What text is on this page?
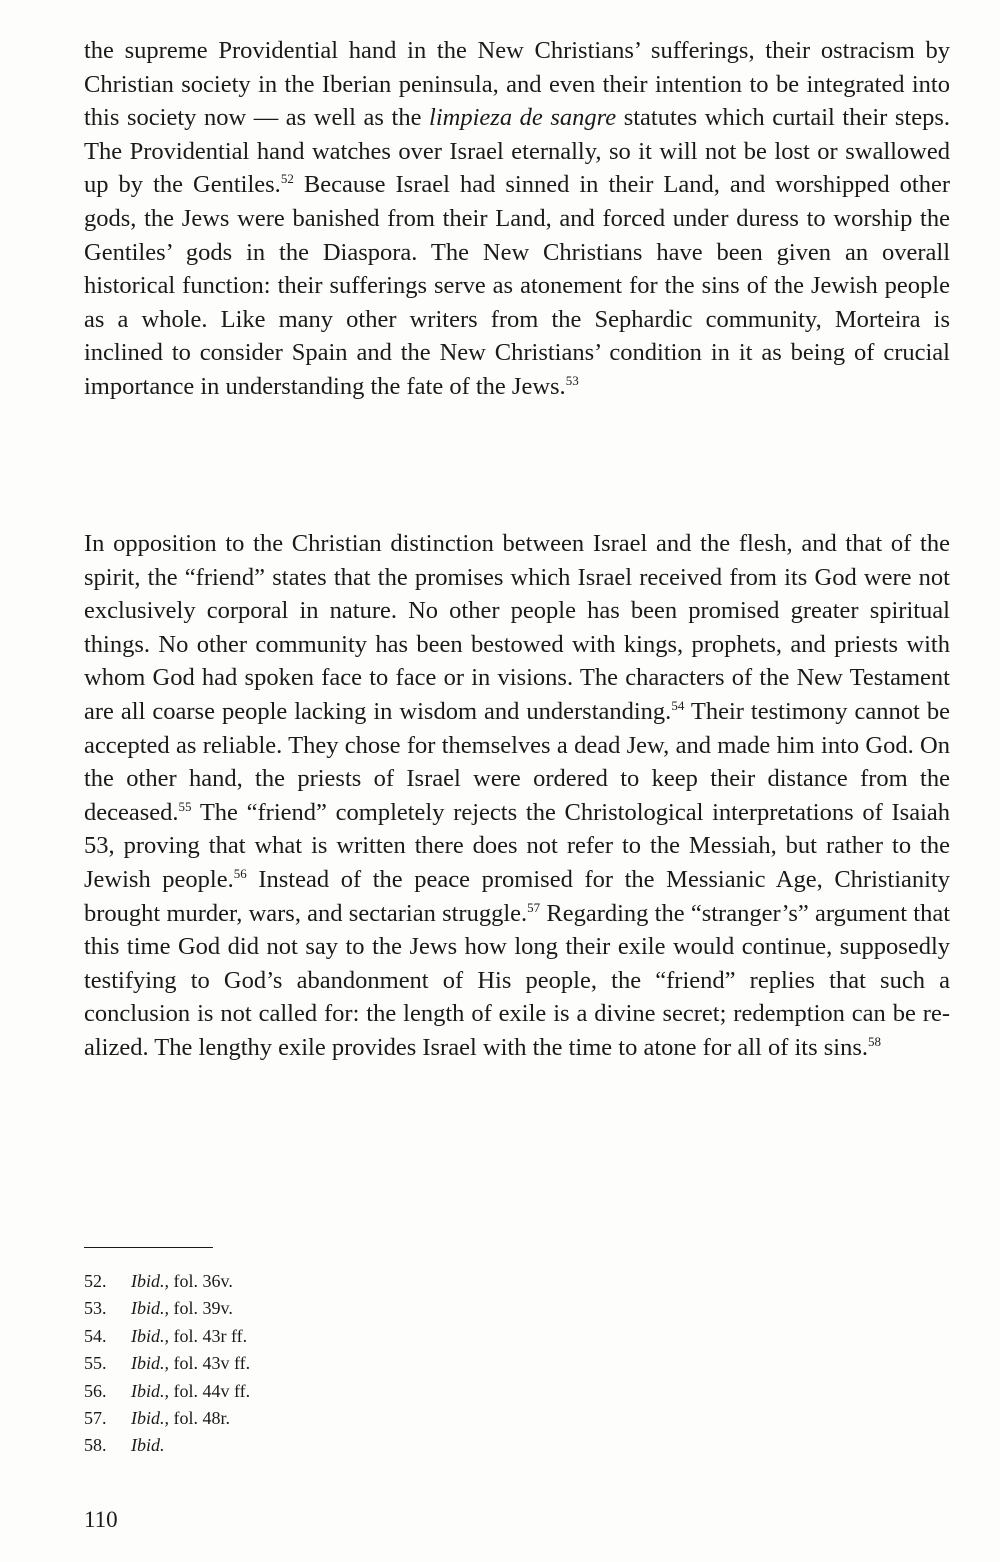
the supreme Providential hand in the New Christians’ sufferings, their ostracism by Christian society in the Iberian peninsula, and even their intention to be integrated into this society now — as well as the limpieza de sangre statutes which curtail their steps. The Providential hand watches over Israel eternally, so it will not be lost or swallowed up by the Gentiles.$^{52}$ Because Israel had sinned in their Land, and worshipped other gods, the Jews were banished from their Land, and forced under duress to worship the Gentiles’ gods in the Diaspora. The New Christians have been given an overall historical function: their sufferings serve as atonement for the sins of the Jewish people as a whole. Like many other writers from the Sephardic community, Morteira is inclined to consider Spain and the New Christians’ condition in it as being of crucial importance in understanding the fate of the Jews.$^{53}$

In opposition to the Christian distinction between Israel and the flesh, and that of the spirit, the “friend” states that the promises which Israel received from its God were not exclusively corporal in nature. No other people has been promised greater spiritual things. No other community has been bestowed with kings, prophets, and priests with whom God had spoken face to face or in visions. The characters of the New Testament are all coarse people lacking in wisdom and understanding.$^{54}$ Their testimony cannot be accepted as reliable. They chose for themselves a dead Jew, and made him into God. On the other hand, the priests of Israel were ordered to keep their distance from the deceased.$^{55}$ The “friend” completely rejects the Christological interpretations of Isaiah 53, proving that what is written there does not refer to the Messiah, but rather to the Jewish people.$^{56}$ Instead of the peace promised for the Messianic Age, Christianity brought murder, wars, and sectarian struggle.$^{57}$ Regarding the “stranger’s” argument that this time God did not say to the Jews how long their exile would continue, supposedly testifying to God’s abandonment of His people, the “friend” replies that such a conclusion is not called for: the length of exile is a divine secret; redemption can be realized. The lengthy exile provides Israel with the time to atone for all of its sins.$^{58}$

52. Ibid., fol. 36v.
53. Ibid., fol. 39v.
54. Ibid., fol. 43r ff.
55. Ibid., fol. 43v ff.
56. Ibid., fol. 44v ff.
57. Ibid., fol. 48r.
58. Ibid.
110
